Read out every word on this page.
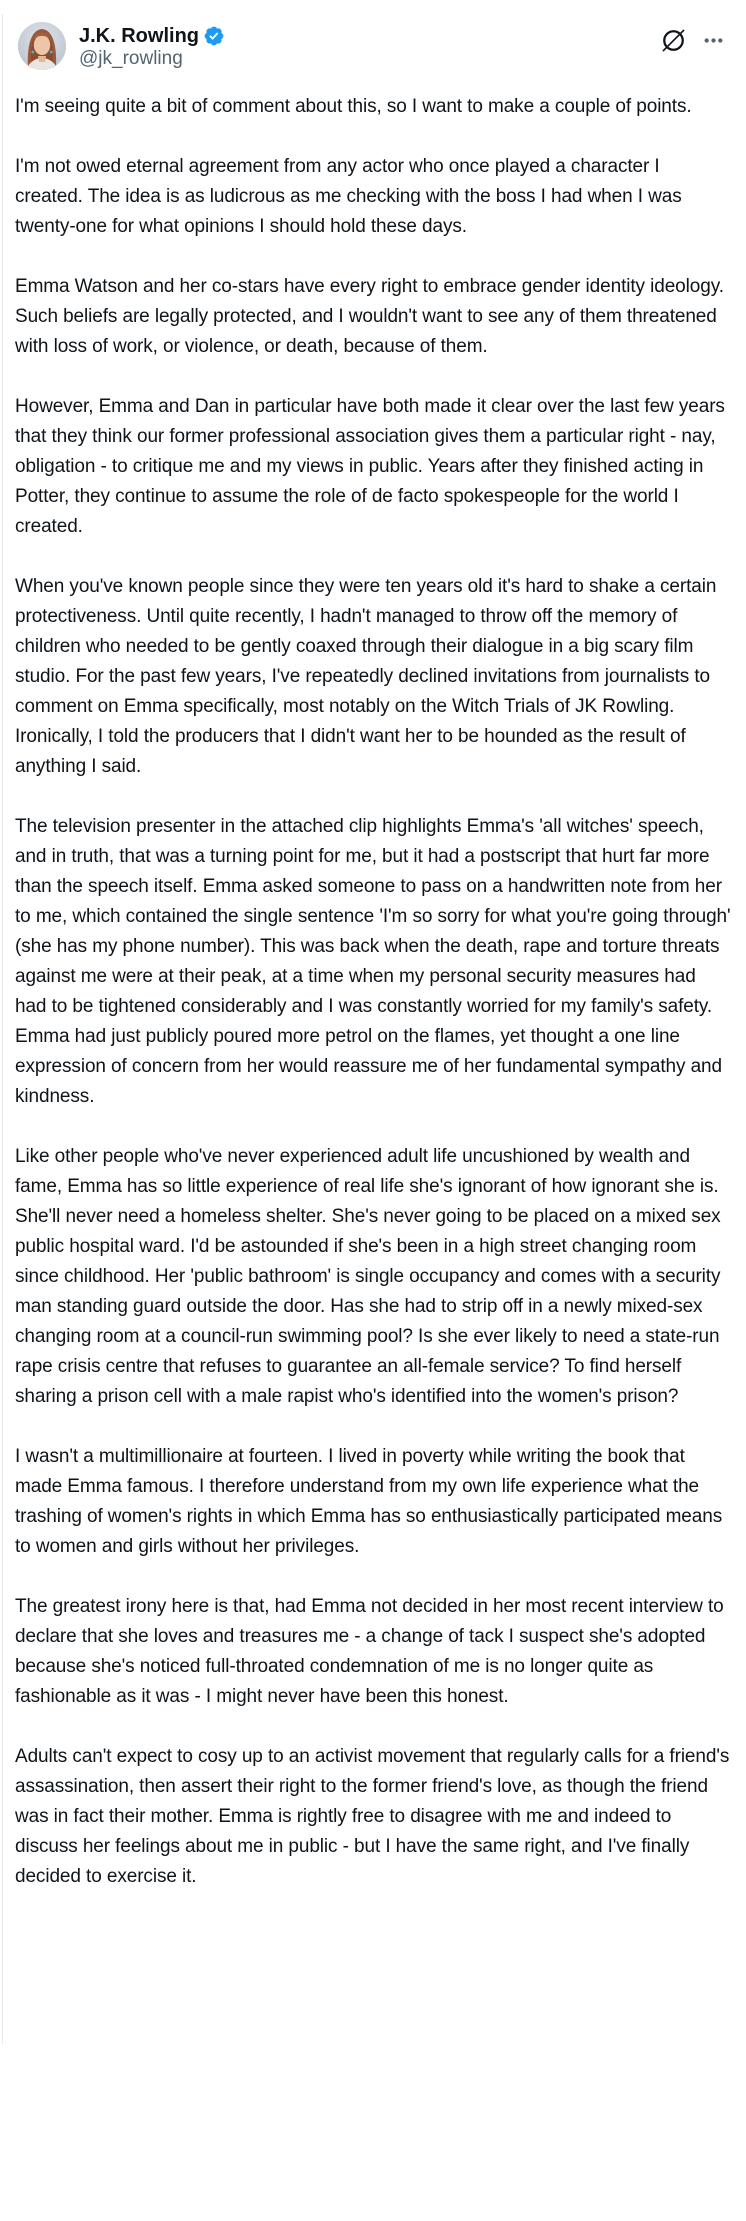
J.K. Rowling
@jk_rowling

I'm seeing quite a bit of comment about this, so I want to make a couple of points.

I'm not owed eternal agreement from any actor who once played a character I created. The idea is as ludicrous as me checking with the boss I had when I was twenty-one for what opinions I should hold these days.

Emma Watson and her co-stars have every right to embrace gender identity ideology. Such beliefs are legally protected, and I wouldn't want to see any of them threatened with loss of work, or violence, or death, because of them.

However, Emma and Dan in particular have both made it clear over the last few years that they think our former professional association gives them a particular right - nay, obligation - to critique me and my views in public. Years after they finished acting in Potter, they continue to assume the role of de facto spokespeople for the world I created.

When you've known people since they were ten years old it's hard to shake a certain protectiveness. Until quite recently, I hadn't managed to throw off the memory of children who needed to be gently coaxed through their dialogue in a big scary film studio. For the past few years, I've repeatedly declined invitations from journalists to comment on Emma specifically, most notably on the Witch Trials of JK Rowling. Ironically, I told the producers that I didn't want her to be hounded as the result of anything I said.

The television presenter in the attached clip highlights Emma's 'all witches' speech, and in truth, that was a turning point for me, but it had a postscript that hurt far more than the speech itself. Emma asked someone to pass on a handwritten note from her to me, which contained the single sentence 'I'm so sorry for what you're going through' (she has my phone number). This was back when the death, rape and torture threats against me were at their peak, at a time when my personal security measures had had to be tightened considerably and I was constantly worried for my family's safety. Emma had just publicly poured more petrol on the flames, yet thought a one line expression of concern from her would reassure me of her fundamental sympathy and kindness.

Like other people who've never experienced adult life uncushioned by wealth and fame, Emma has so little experience of real life she's ignorant of how ignorant she is. She'll never need a homeless shelter. She's never going to be placed on a mixed sex public hospital ward. I'd be astounded if she's been in a high street changing room since childhood. Her 'public bathroom' is single occupancy and comes with a security man standing guard outside the door. Has she had to strip off in a newly mixed-sex changing room at a council-run swimming pool? Is she ever likely to need a state-run rape crisis centre that refuses to guarantee an all-female service? To find herself sharing a prison cell with a male rapist who's identified into the women's prison?

I wasn't a multimillionaire at fourteen. I lived in poverty while writing the book that made Emma famous. I therefore understand from my own life experience what the trashing of women's rights in which Emma has so enthusiastically participated means to women and girls without her privileges.

The greatest irony here is that, had Emma not decided in her most recent interview to declare that she loves and treasures me - a change of tack I suspect she's adopted because she's noticed full-throated condemnation of me is no longer quite as fashionable as it was - I might never have been this honest.

Adults can't expect to cosy up to an activist movement that regularly calls for a friend's assassination, then assert their right to the former friend's love, as though the friend was in fact their mother. Emma is rightly free to disagree with me and indeed to discuss her feelings about me in public - but I have the same right, and I've finally decided to exercise it.
